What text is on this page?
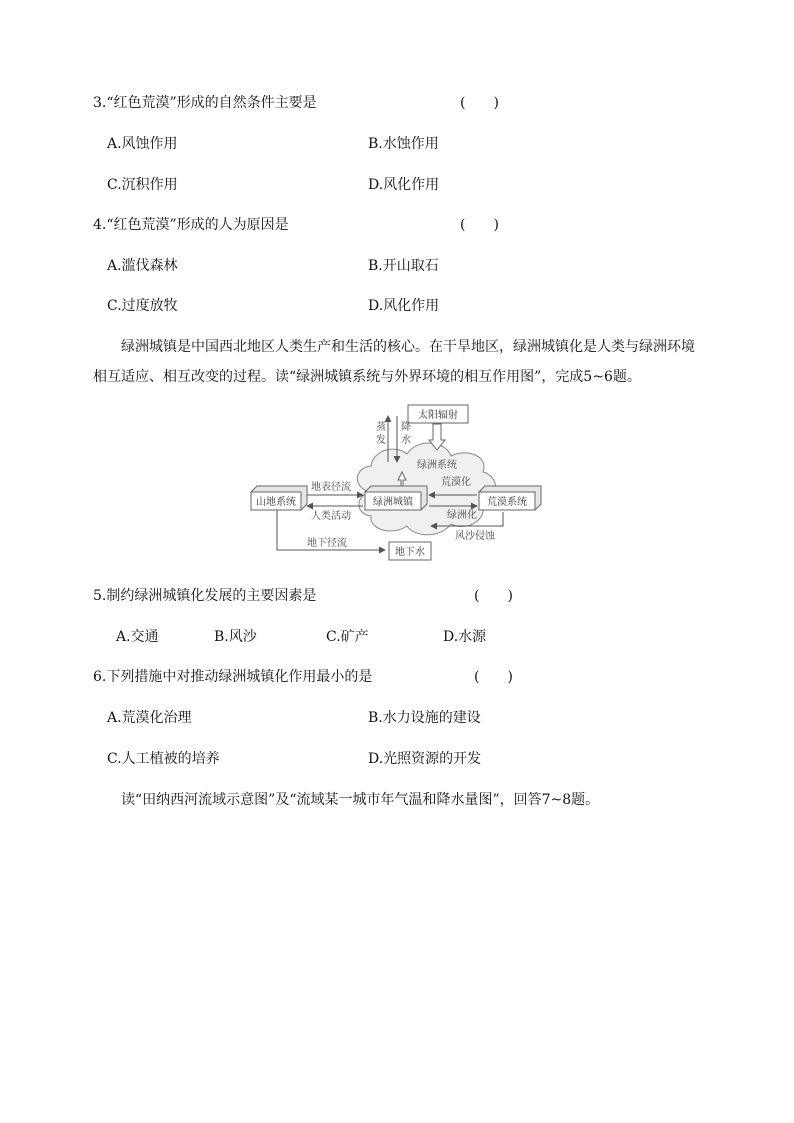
3.“红色荒漠”形成的自然条件主要是	(　　)
A.风蚀作用	B.水蚀作用
C.沉积作用	D.风化作用
4.“红色荒漠”形成的人为原因是	(　　)
A.滥伐森林	B.开山取石
C.过度放牧	D.风化作用
绿洲城镇是中国西北地区人类生产和生活的核心。在干旱地区，绿洲城镇化是人类与绿洲环境相互适应、相互改变的过程。读“绿洲城镇系统与外界环境的相互作用图”，完成5~6题。
太阳辐射
蒸
发
降
水
绿洲系统
山地系统	绿洲城镇	荒漠系统
地表径流
人类活动
荒漠化
绿洲化
风沙侵蚀
地下径流
地下水
5.制约绿洲城镇化发展的主要因素是	(　　)
A.交通	B.风沙	C.矿产	D.水源
6.下列措施中对推动绿洲城镇化作用最小的是	(　　)
A.荒漠化治理	B.水力设施的建设
C.人工植被的培养	D.光照资源的开发
读“田纳西河流域示意图”及“流域某一城市年气温和降水量图”，回答7~8题。
